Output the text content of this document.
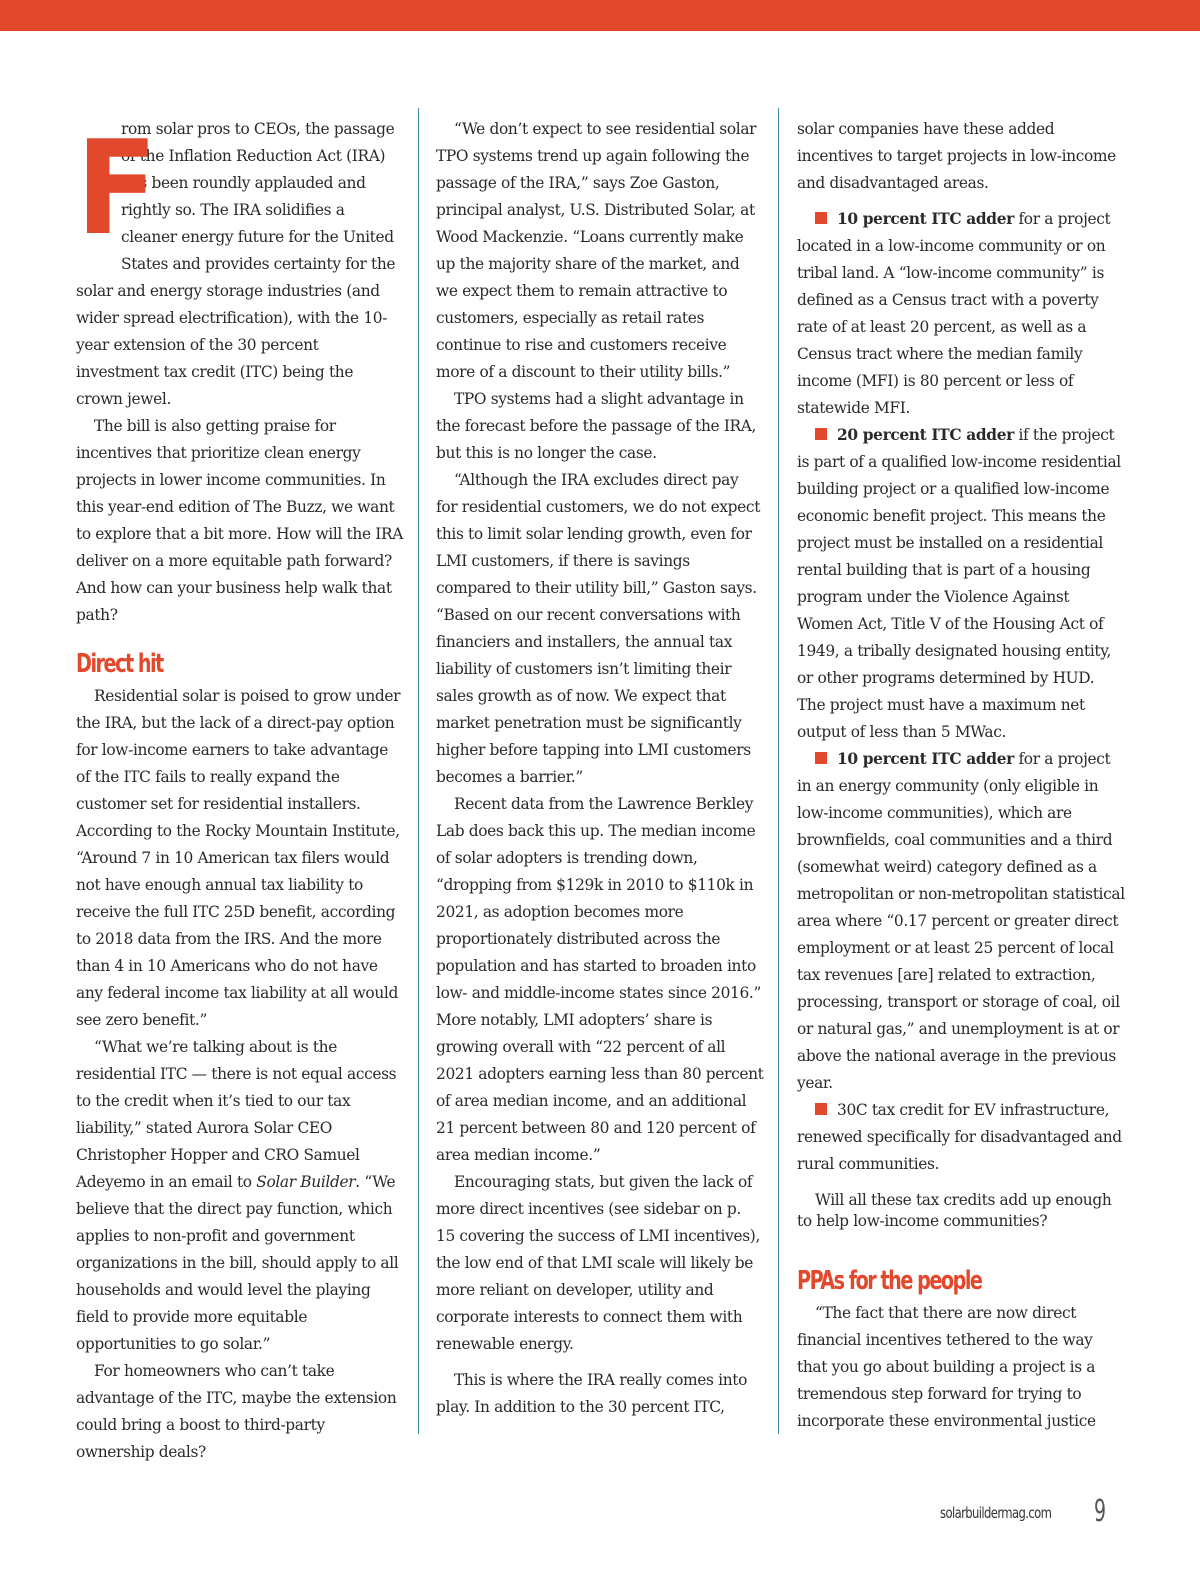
F
rom solar pros to CEOs, the passage of the Inflation Reduction Act (IRA) has been roundly applauded and rightly so. The IRA solidifies a cleaner energy future for the United States and provides certainty for the solar and energy storage industries (and wider spread electrification), with the 10-year extension of the 30 percent investment tax credit (ITC) being the crown jewel.

The bill is also getting praise for incentives that prioritize clean energy projects in lower income communities. In this year-end edition of The Buzz, we want to explore that a bit more. How will the IRA deliver on a more equitable path forward? And how can your business help walk that path?

Direct hit

Residential solar is poised to grow under the IRA, but the lack of a direct-pay option for low-income earners to take advantage of the ITC fails to really expand the customer set for residential installers. According to the Rocky Mountain Institute, “Around 7 in 10 American tax filers would not have enough annual tax liability to receive the full ITC 25D benefit, according to 2018 data from the IRS. And the more than 4 in 10 Americans who do not have any federal income tax liability at all would see zero benefit.”

“What we’re talking about is the residential ITC — there is not equal access to the credit when it’s tied to our tax liability,” stated Aurora Solar CEO Christopher Hopper and CRO Samuel Adeyemo in an email to Solar Builder. “We believe that the direct pay function, which applies to non-profit and government organizations in the bill, should apply to all households and would level the playing field to provide more equitable opportunities to go solar.”

For homeowners who can’t take advantage of the ITC, maybe the extension could bring a boost to third-party ownership deals?

“We don’t expect to see residential solar TPO systems trend up again following the passage of the IRA,” says Zoe Gaston, principal analyst, U.S. Distributed Solar, at Wood Mackenzie. “Loans currently make up the majority share of the market, and we expect them to remain attractive to customers, especially as retail rates continue to rise and customers receive more of a discount to their utility bills.”

TPO systems had a slight advantage in the forecast before the passage of the IRA, but this is no longer the case.

“Although the IRA excludes direct pay for residential customers, we do not expect this to limit solar lending growth, even for LMI customers, if there is savings compared to their utility bill,” Gaston says. “Based on our recent conversations with financiers and installers, the annual tax liability of customers isn’t limiting their sales growth as of now. We expect that market penetration must be significantly higher before tapping into LMI customers becomes a barrier.”

Recent data from the Lawrence Berkley Lab does back this up. The median income of solar adopters is trending down, “dropping from $129k in 2010 to $110k in 2021, as adoption becomes more proportionately distributed across the population and has started to broaden into low- and middle-income states since 2016.” More notably, LMI adopters’ share is growing overall with “22 percent of all 2021 adopters earning less than 80 percent of area median income, and an additional 21 percent between 80 and 120 percent of area median income.”

Encouraging stats, but given the lack of more direct incentives (see sidebar on p. 15 covering the success of LMI incentives), the low end of that LMI scale will likely be more reliant on developer, utility and corporate interests to connect them with renewable energy.

This is where the IRA really comes into play. In addition to the 30 percent ITC,

solar companies have these added incentives to target projects in low-income and disadvantaged areas.

10 percent ITC adder for a project located in a low-income community or on tribal land. A “low-income community” is defined as a Census tract with a poverty rate of at least 20 percent, as well as a Census tract where the median family income (MFI) is 80 percent or less of statewide MFI.

20 percent ITC adder if the project is part of a qualified low-income residential building project or a qualified low-income economic benefit project. This means the project must be installed on a residential rental building that is part of a housing program under the Violence Against Women Act, Title V of the Housing Act of 1949, a tribally designated housing entity, or other programs determined by HUD. The project must have a maximum net output of less than 5 MWac.

10 percent ITC adder for a project in an energy community (only eligible in low-income communities), which are brownfields, coal communities and a third (somewhat weird) category defined as a metropolitan or non-metropolitan statistical area where “0.17 percent or greater direct employment or at least 25 percent of local tax revenues [are] related to extraction, processing, transport or storage of coal, oil or natural gas,” and unemployment is at or above the national average in the previous year.

30C tax credit for EV infrastructure, renewed specifically for disadvantaged and rural communities.

Will all these tax credits add up enough to help low-income communities?

PPAs for the people

“The fact that there are now direct financial incentives tethered to the way that you go about building a project is a tremendous step forward for trying to incorporate these environmental justice

solarbuildermag.com 9
